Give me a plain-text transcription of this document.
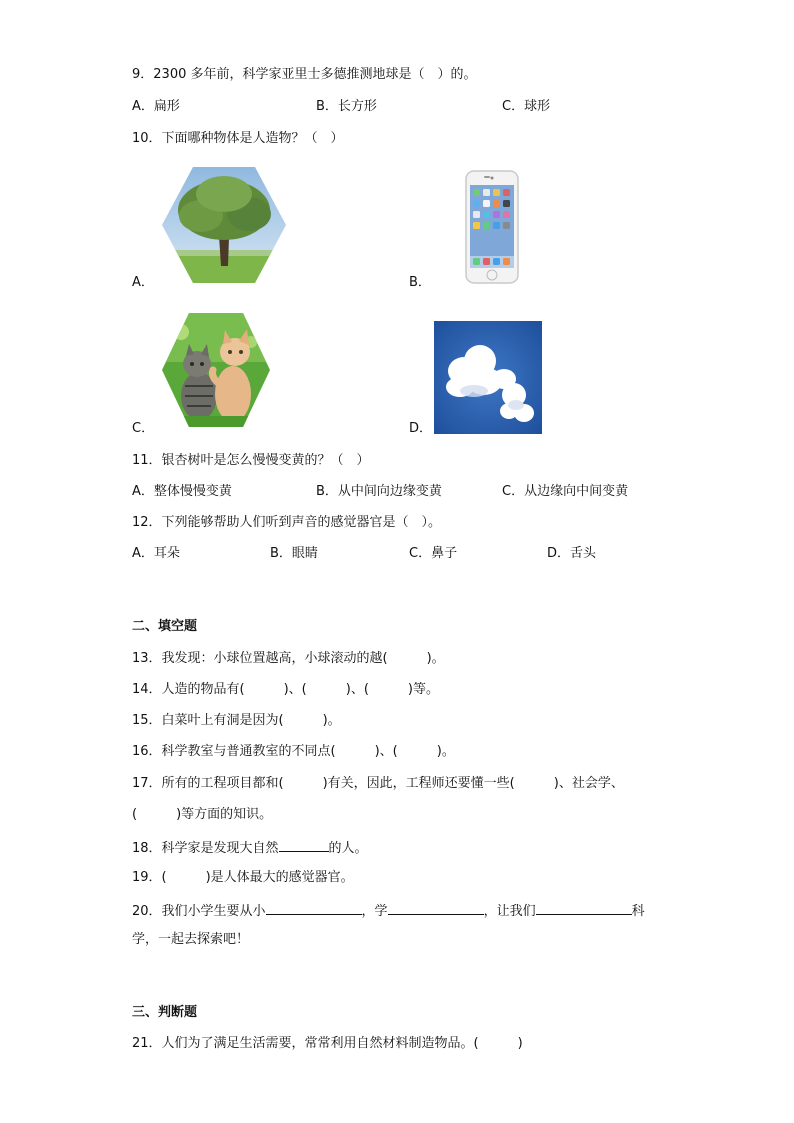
9．2300 多年前，科学家亚里士多德推测地球是（　）的。
A．扁形	B．长方形	C．球形
10．下面哪种物体是人造物？（　）
A．	B．
C．	D．
11．银杏树叶是怎么慢慢变黄的？（　）
A．整体慢慢变黄	B．从中间向边缘变黄	C．从边缘向中间变黄
12．下列能够帮助人们听到声音的感觉器官是（　）。
A．耳朵	B．眼睛	C．鼻子	D．舌头
二、填空题
13．我发现：小球位置越高，小球滚动的越(　　　)。
14．人造的物品有(　　　)、(　　　)、(　　　)等。
15．白菜叶上有洞是因为(　　　)。
16．科学教室与普通教室的不同点(　　　)、(　　　)。
17．所有的工程项目都和(　　　)有关，因此，工程师还要懂一些(　　　)、社会学、
(　　　)等方面的知识。
18．科学家是发现大自然	的人。
19．(　　　)是人体最大的感觉器官。
20．我们小学生要从小	，学	，让我们	科
学，一起去探索吧！
三、判断题
21．人们为了满足生活需要，常常利用自然材料制造物品。(　　　)
